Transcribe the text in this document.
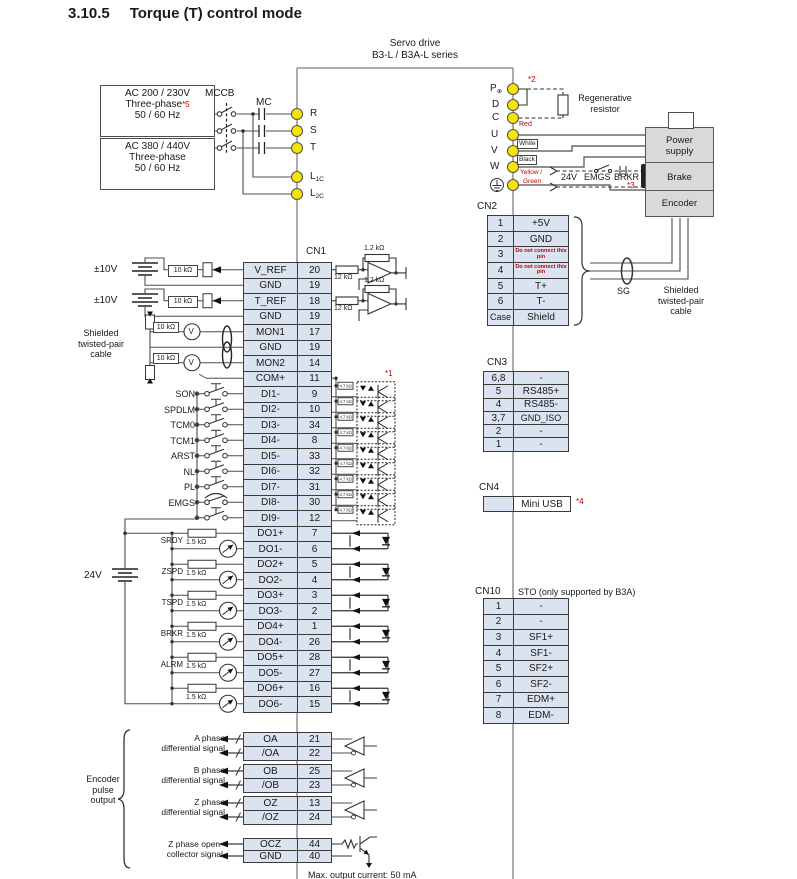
4.7 kΩ
4.7 kΩ
4.7 kΩ
4.7 kΩ
4.7 kΩ
4.7 kΩ
4.7 kΩ
4.7 kΩ
4.7 kΩ
3.10.5 Torque (T) control mode
Servo drive
B3-L / B3A-L series
AC 200 / 230V
Three-phase*5
50 / 60 Hz
AC 380 / 440V
Three-phase
50 / 60 Hz
MCCB
MC
R
S
T
$L_{1C}$
$L_{2C}$
$P_\oplus$
D
C
U
V
W
Red
White
Black
Yellow /
Green
*2
Regenerative resistor
Power supply
Brake
Encoder
24V EMGS BRKR
*3
CN2
1	+5V
2	GND
3	Do not connect this pin
4	Do not connect this pin
5	T+
6	T-
Case	Shield
SG	Shielded
twisted-pair
cable
CN1
V_REF	20
GND	19
T_REF	18
GND	19
MON1	17
GND	19
MON2	14
COM+	11
DI1-	9
DI2-	10
DI3-	34
DI4-	8
DI5-	33
DI6-	32
DI7-	31
DI8-	30
DI9-	12
DO1+	7
DO1-	6
DO2+	5
DO2-	4
DO3+	3
DO3-	2
DO4+	1
DO4-	26
DO5+	28
DO5-	27
DO6+	16
DO6-	15
±10V
±10V
10 kΩ
10 kΩ
Shielded
twisted-pair
cable
10 kΩ
10 kΩ
V
V
12 kΩ
12 kΩ
1.2 kΩ
1.2 kΩ
*1
SON
SPDLM
TCM0
TCM1
ARST
NL
PL
EMGS
24V
SRDY
ZSPD
TSPD
BRKR
ALRM
1.5 kΩ
1.5 kΩ
1.5 kΩ
1.5 kΩ
1.5 kΩ
1.5 kΩ
CN3
6,8	-
5	RS485+
4	RS485-
3,7	GND_ISO
2	-
1	-
CN4
Mini USB	*4
CN10 STO (only supported by B3A)
1	-
2	-
3	SF1+
4	SF1-
5	SF2+
6	SF2-
7	EDM+
8	EDM-
OA	21
/OA	22
OB	25
/OB	23
OZ	13
/OZ	24
OCZ	44
GND	40
A phase
differential signal
B phase
differential signal
Z phase
differential signal
Z phase open-
collector signal
Encoder
pulse
output
Max. output current: 50 mA
